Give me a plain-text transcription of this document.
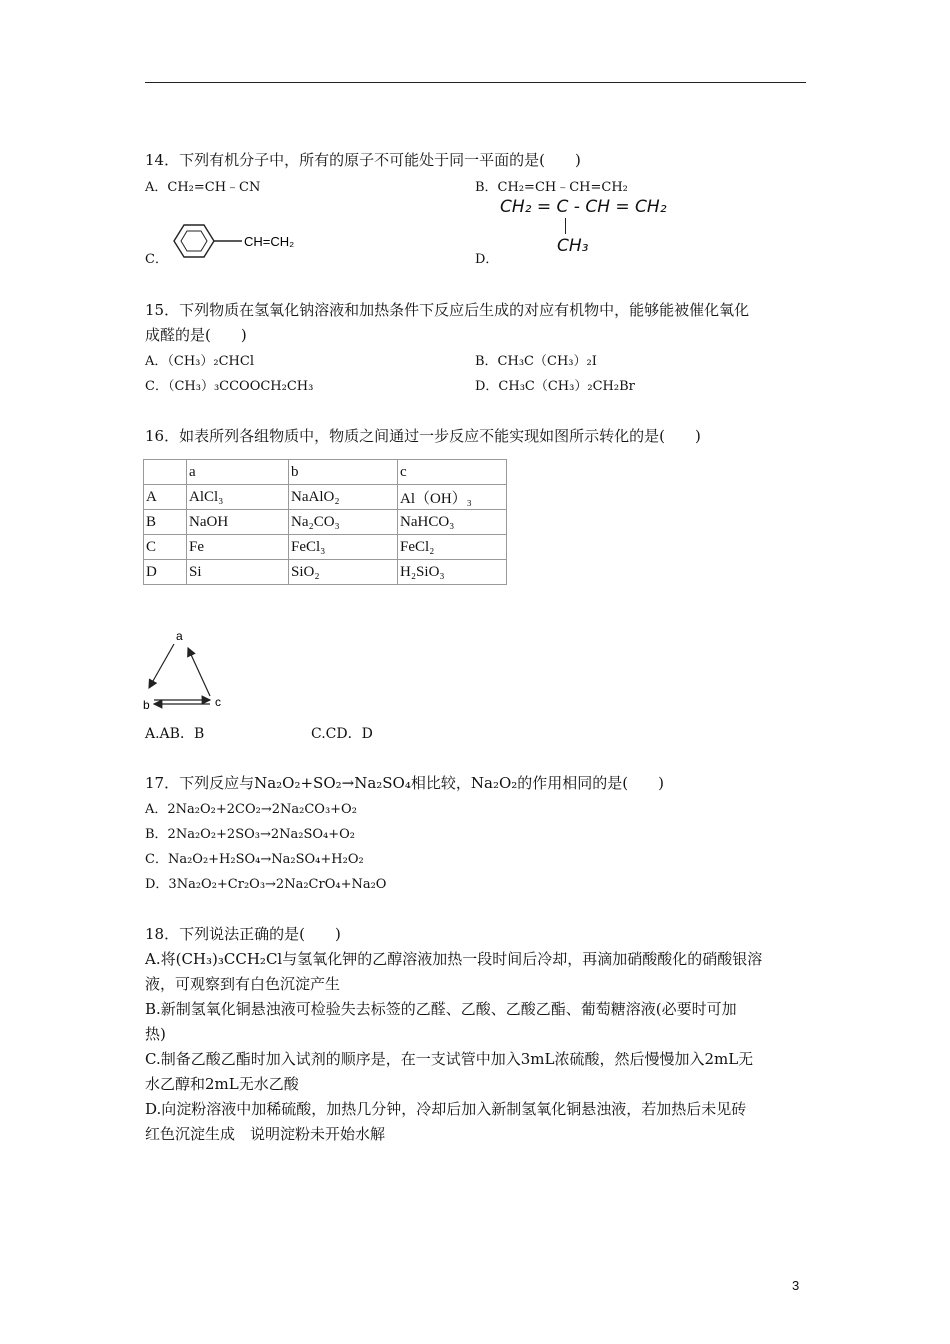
14．下列有机分子中，所有的原子不可能处于同一平面的是(　　)
A．CH₂=CH﹣CN	B．CH₂=CH﹣CH=CH₂
C．
CH=CH₂
D．
CH₂ = C - CH = CH₂
CH₃
15．下列物质在氢氧化钠溶液和加热条件下反应后生成的对应有机物中，能够能被催化氧化
成醛的是(　　)
A．（CH₃）₂CHCl	B．CH₃C（CH₃）₂I
C．（CH₃）₃CCOOCH₂CH₃	D．CH₃C（CH₃）₂CH₂Br
16．如表所列各组物质中，物质之间通过一步反应不能实现如图所示转化的是(　　)
	a	b	c
A	AlCl₃	NaAlO₂	Al（OH）₃
B	NaOH	Na₂CO₃	NaHCO₃
C	Fe	FeCl₃	FeCl₂
D	Si	SiO₂	H₂SiO₃
a
b	c
A.AB．B	C.CD．D
17．下列反应与Na₂O₂+SO₂→Na₂SO₄相比较，Na₂O₂的作用相同的是(　　)
A．2Na₂O₂+2CO₂→2Na₂CO₃+O₂
B．2Na₂O₂+2SO₃→2Na₂SO₄+O₂
C．Na₂O₂+H₂SO₄→Na₂SO₄+H₂O₂
D．3Na₂O₂+Cr₂O₃→2Na₂CrO₄+Na₂O
18．下列说法正确的是(　　)
A.将(CH₃)₃CCH₂Cl与氢氧化钾的乙醇溶液加热一段时间后冷却，再滴加硝酸酸化的硝酸银溶
液，可观察到有白色沉淀产生
B.新制氢氧化铜悬浊液可检验失去标签的乙醛、乙酸、乙酸乙酯、葡萄糖溶液(必要时可加
热)
C.制备乙酸乙酯时加入试剂的顺序是，在一支试管中加入3mL浓硫酸，然后慢慢加入2mL无
水乙醇和2mL无水乙酸
D.向淀粉溶液中加稀硫酸，加热几分钟，冷却后加入新制氢氧化铜悬浊液，若加热后未见砖
红色沉淀生成　说明淀粉未开始水解
3
